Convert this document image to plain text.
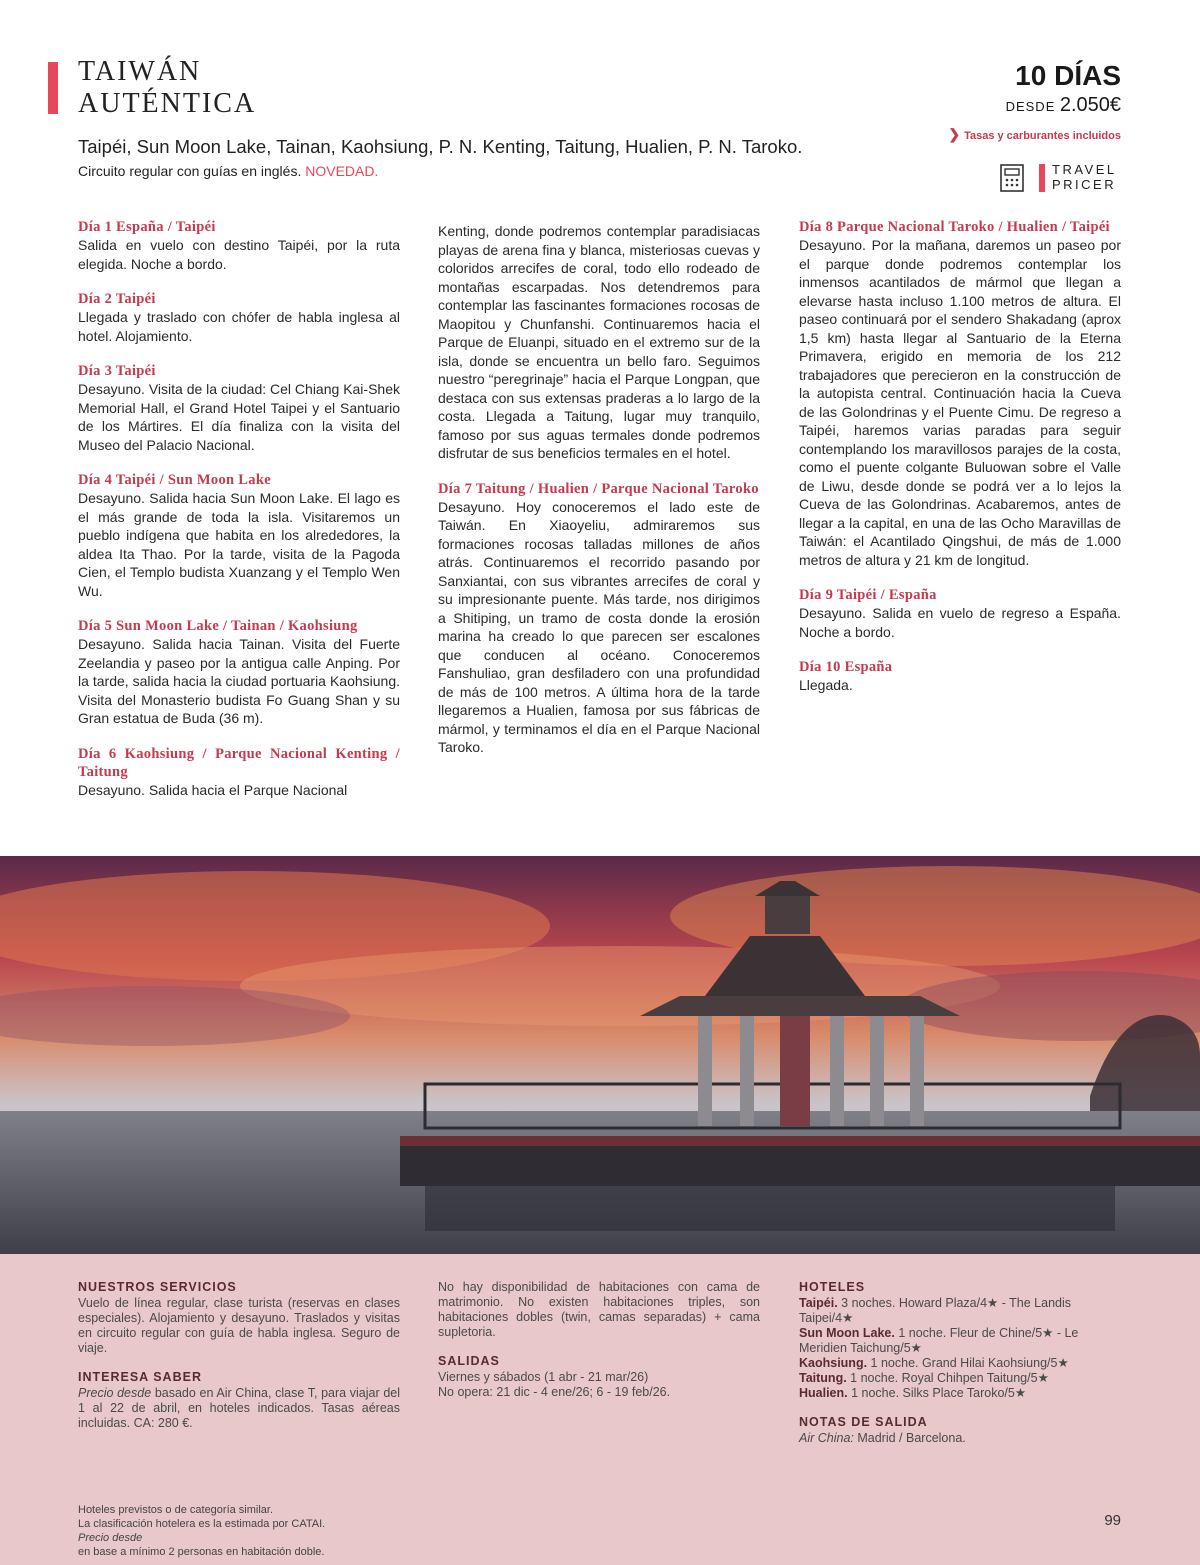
TAIWÁN
AUTÉNTICA

Taipéi, Sun Moon Lake, Tainan, Kaohsiung, P. N. Kenting, Taitung, Hualien, P. N. Taroko.

Circuito regular con guías en inglés. NOVEDAD.

10 DÍAS
DESDE 2.050€
❯ Tasas y carburantes incluidos
TRAVEL
PRICER
Día 1 España / Taipéi

Salida en vuelo con destino Taipéi, por la ruta elegida. Noche a bordo.

Día 2 Taipéi

Llegada y traslado con chófer de habla inglesa al hotel. Alojamiento.

Día 3 Taipéi

Desayuno. Visita de la ciudad: Cel Chiang Kai-Shek Memorial Hall, el Grand Hotel Taipei y el Santuario de los Mártires. El día finaliza con la visita del Museo del Palacio Nacional.

Día 4 Taipéi / Sun Moon Lake

Desayuno. Salida hacia Sun Moon Lake. El lago es el más grande de toda la isla. Visitaremos un pueblo indígena que habita en los alrededores, la aldea Ita Thao. Por la tarde, visita de la Pagoda Cien, el Templo budista Xuanzang y el Templo Wen Wu.

Día 5 Sun Moon Lake / Tainan / Kaohsiung

Desayuno. Salida hacia Tainan. Visita del Fuerte Zeelandia y paseo por la antigua calle Anping. Por la tarde, salida hacia la ciudad portuaria Kaohsiung. Visita del Monasterio budista Fo Guang Shan y su Gran estatua de Buda (36 m).

Día 6 Kaohsiung / Parque Nacional Kenting / Taitung

Desayuno. Salida hacia el Parque Nacional

Kenting, donde podremos contemplar paradisiacas playas de arena fina y blanca, misteriosas cuevas y coloridos arrecifes de coral, todo ello rodeado de montañas escarpadas. Nos detendremos para contemplar las fascinantes formaciones rocosas de Maopitou y Chunfanshi. Continuaremos hacia el Parque de Eluanpi, situado en el extremo sur de la isla, donde se encuentra un bello faro. Seguimos nuestro “peregrinaje” hacia el Parque Longpan, que destaca con sus extensas praderas a lo largo de la costa. Llegada a Taitung, lugar muy tranquilo, famoso por sus aguas termales donde podremos disfrutar de sus beneficios termales en el hotel.

Día 7 Taitung / Hualien / Parque Nacional Taroko

Desayuno. Hoy conoceremos el lado este de Taiwán. En Xiaoyeliu, admiraremos sus formaciones rocosas talladas millones de años atrás. Continuaremos el recorrido pasando por Sanxiantai, con sus vibrantes arrecifes de coral y su impresionante puente. Más tarde, nos dirigimos a Shitiping, un tramo de costa donde la erosión marina ha creado lo que parecen ser escalones que conducen al océano. Conoceremos Fanshuliao, gran desfiladero con una profundidad de más de 100 metros. A última hora de la tarde llegaremos a Hualien, famosa por sus fábricas de mármol, y terminamos el día en el Parque Nacional Taroko.

Día 8 Parque Nacional Taroko / Hualien / Taipéi

Desayuno. Por la mañana, daremos un paseo por el parque donde podremos contemplar los inmensos acantilados de mármol que llegan a elevarse hasta incluso 1.100 metros de altura. El paseo continuará por el sendero Shakadang (aprox 1,5 km) hasta llegar al Santuario de la Eterna Primavera, erigido en memoria de los 212 trabajadores que perecieron en la construcción de la autopista central. Continuación hacia la Cueva de las Golondrinas y el Puente Cimu. De regreso a Taipéi, haremos varias paradas para seguir contemplando los maravillosos parajes de la costa, como el puente colgante Buluowan sobre el Valle de Liwu, desde donde se podrá ver a lo lejos la Cueva de las Golondrinas. Acabaremos, antes de llegar a la capital, en una de las Ocho Maravillas de Taiwán: el Acantilado Qingshui, de más de 1.000 metros de altura y 21 km de longitud.

Día 9 Taipéi / España

Desayuno. Salida en vuelo de regreso a España. Noche a bordo.

Día 10 España

Llegada.

NUESTROS SERVICIOS

Vuelo de línea regular, clase turista (reservas en clases especiales). Alojamiento y desayuno. Traslados y visitas en circuito regular con guía de habla inglesa. Seguro de viaje.

INTERESA SABER

Precio desde basado en Air China, clase T, para viajar del 1 al 22 de abril, en hoteles indicados. Tasas aéreas incluidas. CA: 280 €.

No hay disponibilidad de habitaciones con cama de matrimonio. No existen habitaciones triples, son habitaciones dobles (twin, camas separadas) + cama supletoria.

SALIDAS

Viernes y sábados (1 abr - 21 mar/26)
No opera: 21 dic - 4 ene/26; 6 - 19 feb/26.

HOTELES

Taipéi. 3 noches. Howard Plaza/4★ - The Landis Taipei/4★
Sun Moon Lake. 1 noche. Fleur de Chine/5★ - Le Meridien Taichung/5★
Kaohsiung. 1 noche. Grand Hilai Kaohsiung/5★
Taitung. 1 noche. Royal Chihpen Taitung/5★
Hualien. 1 noche. Silks Place Taroko/5★

NOTAS DE SALIDA

Air China: Madrid / Barcelona.

Hoteles previstos o de categoría similar.
La clasificación hotelera es la estimada por CATAI.
Precio desde
en base a mínimo 2 personas en habitación doble.
99
